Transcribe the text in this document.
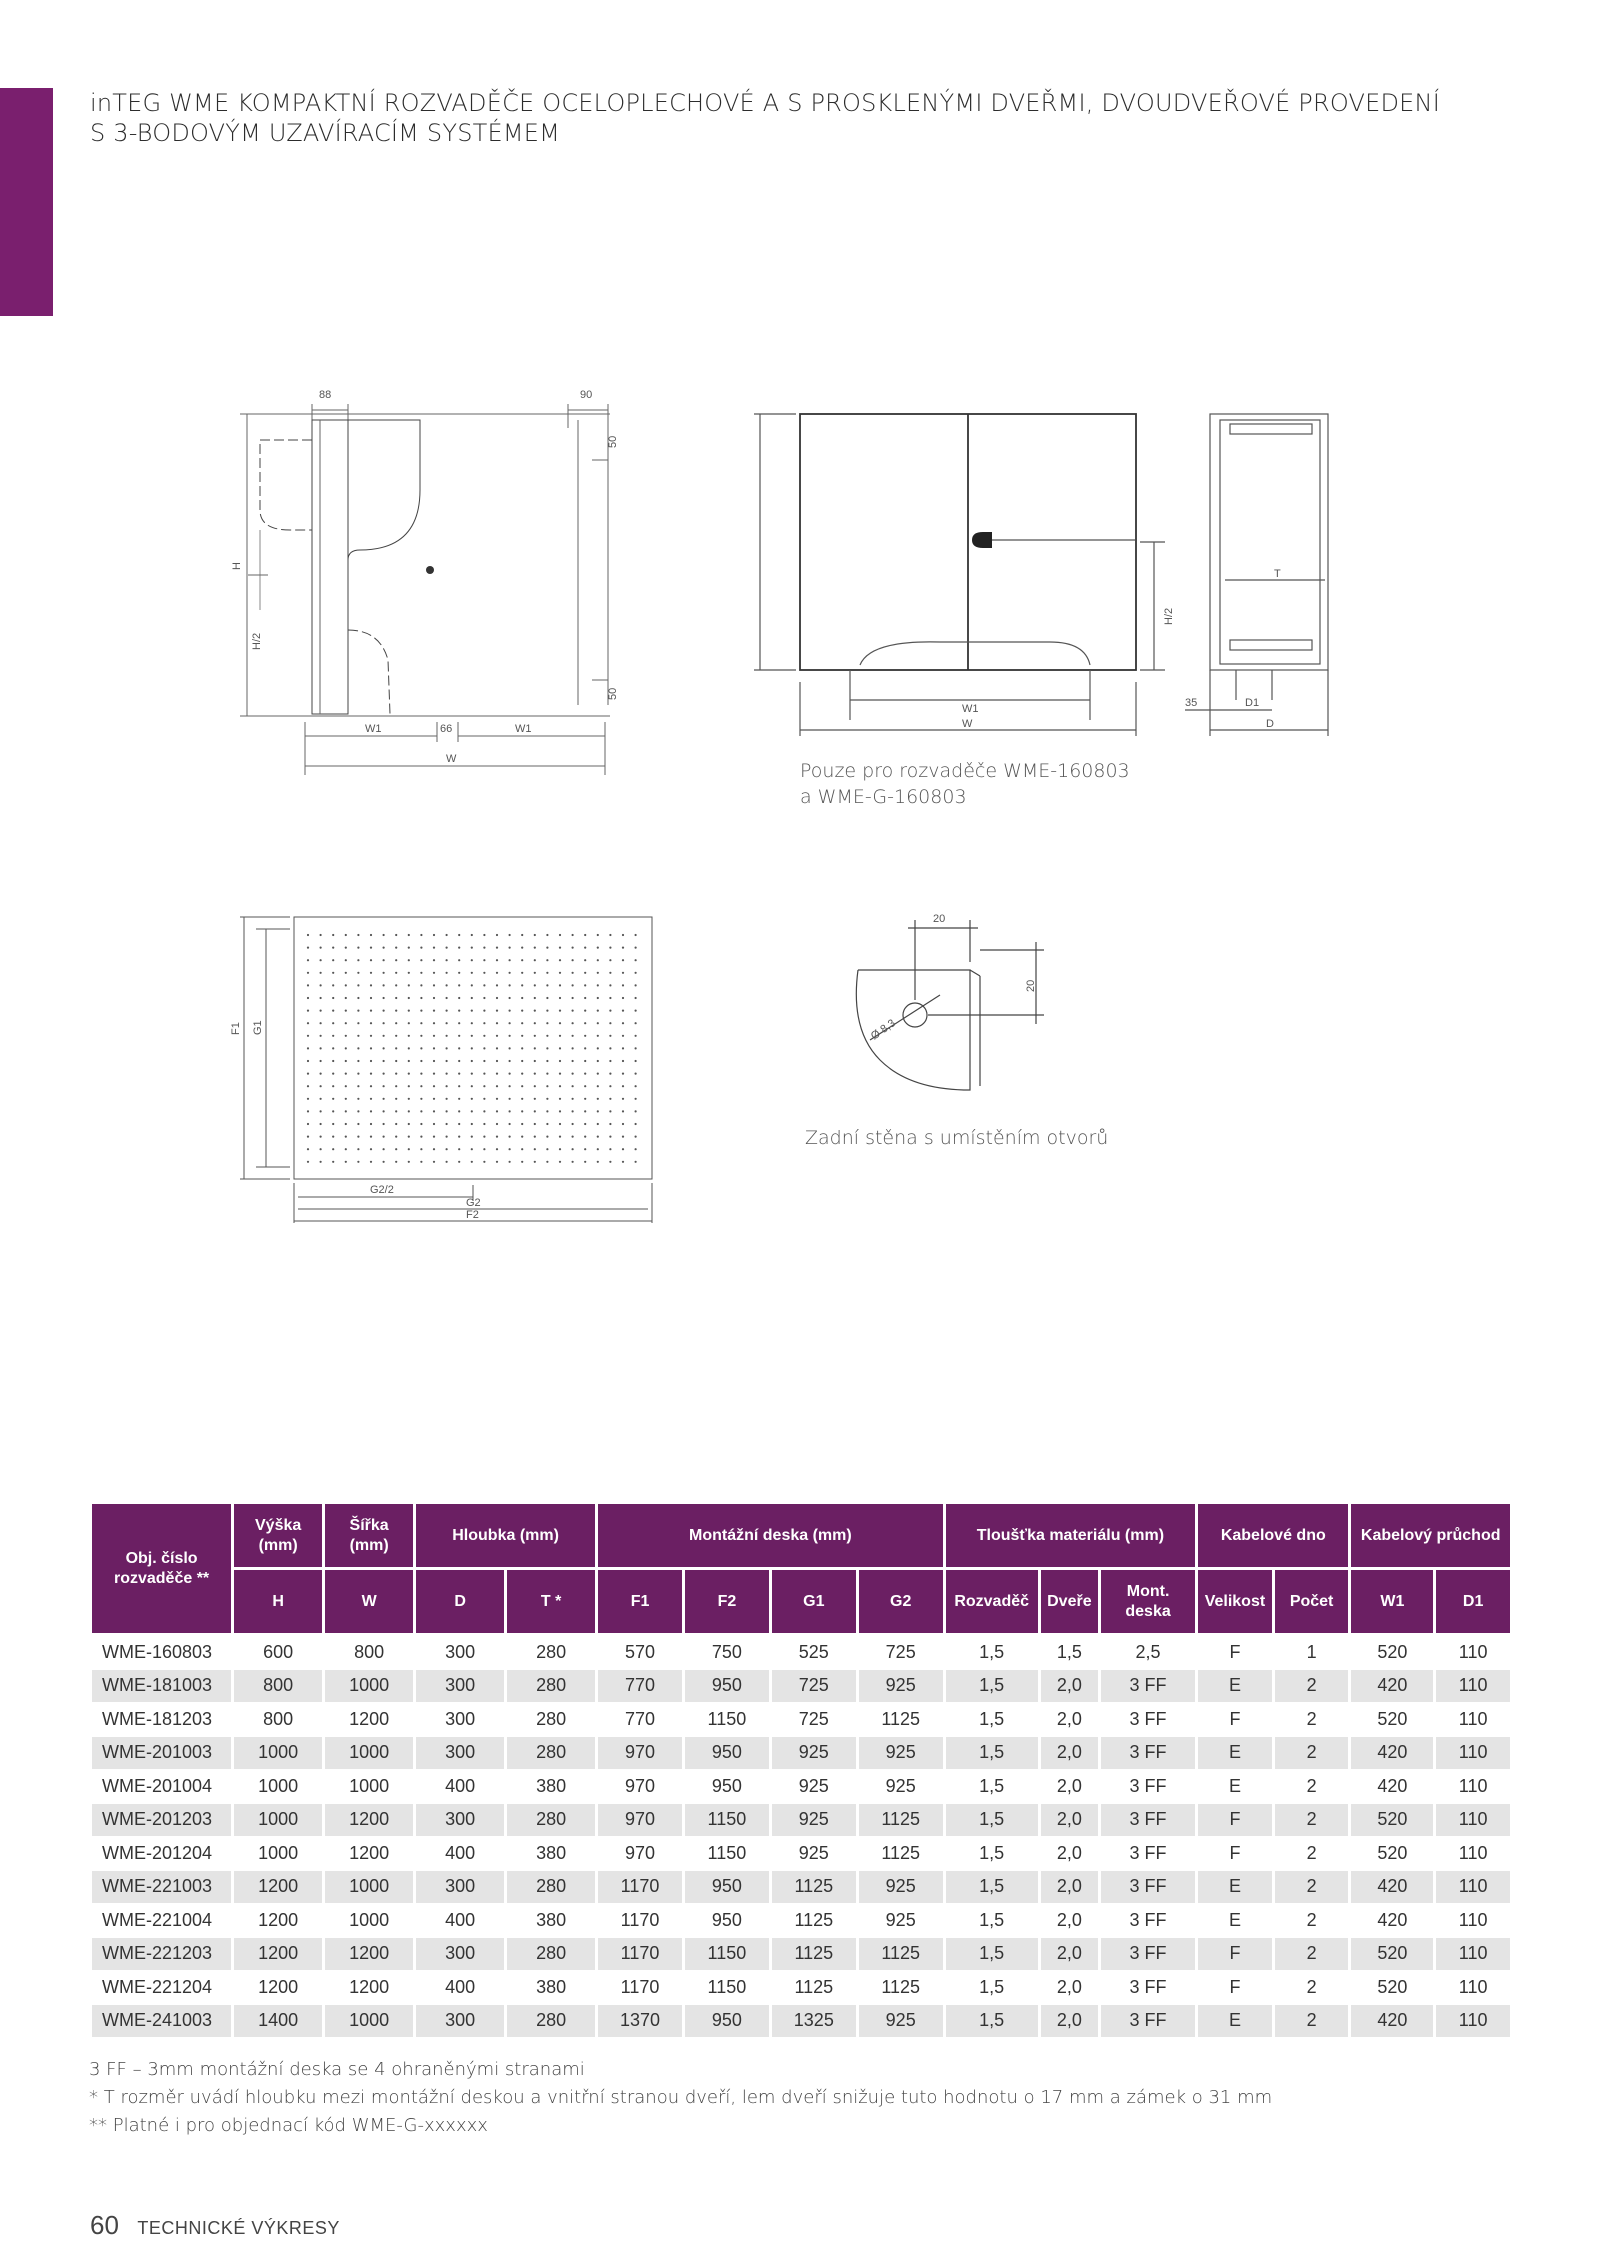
inTEG WME KOMPAKTNÍ ROZVADĚČE OCELOPLECHOVÉ A S PROSKLENÝMI DVEŘMI, DVOUDVEŘOVÉ PROVEDENÍ
S 3-BODOVÝM UZAVÍRACÍM SYSTÉMEM
88	90
50
50
H
H/2
W1	66	W1
W
H/2
W1
W
T
35	D1
D
Pouze pro rozvaděče WME-160803
a WME-G-160803
F1 G1
G2/2
G2
F2
20
20
Ø 8,3
Zadní stěna s umístěním otvorů
Obj. číslo rozvaděče **	Výška (mm)	Šířka (mm)	Hloubka (mm)		Montážní deska (mm)				Tloušťka materiálu (mm)			Kabelové dno		Kabelový průchod	
	H	W	D	T *	F1	F2	G1	G2	Rozvaděč	Dveře	Mont. deska	Velikost	Počet	W1	D1
WME-160803	600	800	300	280	570	750	525	725	1,5	1,5	2,5	F	1	520	110
WME-181003	800	1000	300	280	770	950	725	925	1,5	2,0	3 FF	E	2	420	110
WME-181203	800	1200	300	280	770	1150	725	1125	1,5	2,0	3 FF	F	2	520	110
WME-201003	1000	1000	300	280	970	950	925	925	1,5	2,0	3 FF	E	2	420	110
WME-201004	1000	1000	400	380	970	950	925	925	1,5	2,0	3 FF	E	2	420	110
WME-201203	1000	1200	300	280	970	1150	925	1125	1,5	2,0	3 FF	F	2	520	110
WME-201204	1000	1200	400	380	970	1150	925	1125	1,5	2,0	3 FF	F	2	520	110
WME-221003	1200	1000	300	280	1170	950	1125	925	1,5	2,0	3 FF	E	2	420	110
WME-221004	1200	1000	400	380	1170	950	1125	925	1,5	2,0	3 FF	E	2	420	110
WME-221203	1200	1200	300	280	1170	1150	1125	1125	1,5	2,0	3 FF	F	2	520	110
WME-221204	1200	1200	400	380	1170	1150	1125	1125	1,5	2,0	3 FF	F	2	520	110
WME-241003	1400	1000	300	280	1370	950	1325	925	1,5	2,0	3 FF	E	2	420	110
3 FF – 3mm montážní deska se 4 ohraněnými stranami
* T rozměr uvádí hloubku mezi montážní deskou a vnitřní stranou dveří, lem dveří snižuje tuto hodnotu o 17 mm a zámek o 31 mm
** Platné i pro objednací kód WME-G-xxxxxx
60 TECHNICKÉ VÝKRESY
